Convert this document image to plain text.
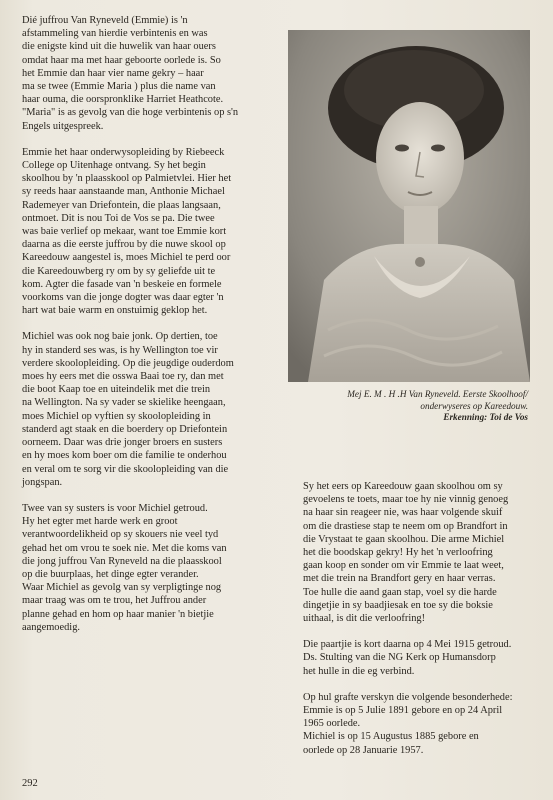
Dié juffrou Van Ryneveld (Emmie) is 'n
afstammeling van hierdie verbintenis en was
die enigste kind uit die huwelik van haar ouers
omdat haar ma met haar geboorte oorlede is. So
het Emmie dan haar vier name gekry – haar
ma se twee (Emmie Maria ) plus die name van
haar ouma, die oorspronklike Harriet Heathcote.
"Maria" is as gevolg van die hoge verbintenis op s'n
Engels uitgespreek.

Emmie het haar onderwysopleiding by Riebeeck
College op Uitenhage ontvang. Sy het begin
skoolhou by 'n plaasskool op Palmietvlei. Hier het
sy reeds haar aanstaande man, Anthonie Michael
Rademeyer van Driefontein, die plaas langsaan,
ontmoet. Dit is nou Toi de Vos se pa. Die twee
was baie verlief op mekaar, want toe Emmie kort
daarna as die eerste juffrou by die nuwe skool op
Kareedouw aangestel is, moes Michiel te perd oor
die Kareedouwberg ry om by sy geliefde uit te
kom. Agter die fasade van 'n beskeie en formele
voorkoms van die jonge dogter was daar egter 'n
hart wat baie warm en onstuimig geklop het.

Michiel was ook nog baie jonk. Op dertien, toe
hy in standerd ses was, is hy Wellington toe vir
verdere skoolopleiding. Op die jeugdige ouderdom
moes hy eers met die osswa Baai toe ry, dan met
die boot Kaap toe en uiteindelik met die trein
na Wellington. Na sy vader se skielike heengaan,
moes Michiel op vyftien sy skoolopleiding in
standerd agt staak en die boerdery op Driefontein
oorneem. Daar was drie jonger broers en susters
en hy moes kom boer om die familie te onderhou
en veral om te sorg vir die skoolopleiding van die
jongspan.

Twee van sy susters is voor Michiel getroud.
Hy het egter met harde werk en groot
verantwoordelikheid op sy skouers nie veel tyd
gehad het om vrou te soek nie. Met die koms van
die jong juffrou Van Ryneveld na die plaasskool
op die buurplaas, het dinge egter verander.
Waar Michiel as gevolg van sy verpligtinge nog
maar traag was om te trou, het Juffrou ander
planne gehad en hom op haar manier 'n bietjie
aangemoedig.

Mej E. M . H .H Van Ryneveld. Eerste Skoolhoof/
onderwyseres op Kareedouw.
Erkenning: Toi de Vos

Sy het eers op Kareedouw gaan skoolhou om sy
gevoelens te toets, maar toe hy nie vinnig genoeg
na haar sin reageer nie, was haar volgende skuif
om die drastiese stap te neem om op Brandfort in
die Vrystaat te gaan skoolhou. Die arme Michiel
het die boodskap gekry! Hy het 'n verloofring
gaan koop en sonder om vir Emmie te laat weet,
met die trein na Brandfort gery en haar verras.
Toe hulle die aand gaan stap, voel sy die harde
dingetjie in sy baadjiesak en toe sy die boksie
uithaal, is dit die verloofring!

Die paartjie is kort daarna op 4 Mei 1915 getroud.
Ds. Stulting van die NG Kerk op Humansdorp
het hulle in die eg verbind.

Op hul grafte verskyn die volgende besonderhede:
Emmie is op 5 Julie 1891 gebore en op 24 April
1965 oorlede.
Michiel is op 15 Augustus 1885 gebore en
oorlede op 28 Januarie 1957.

292
